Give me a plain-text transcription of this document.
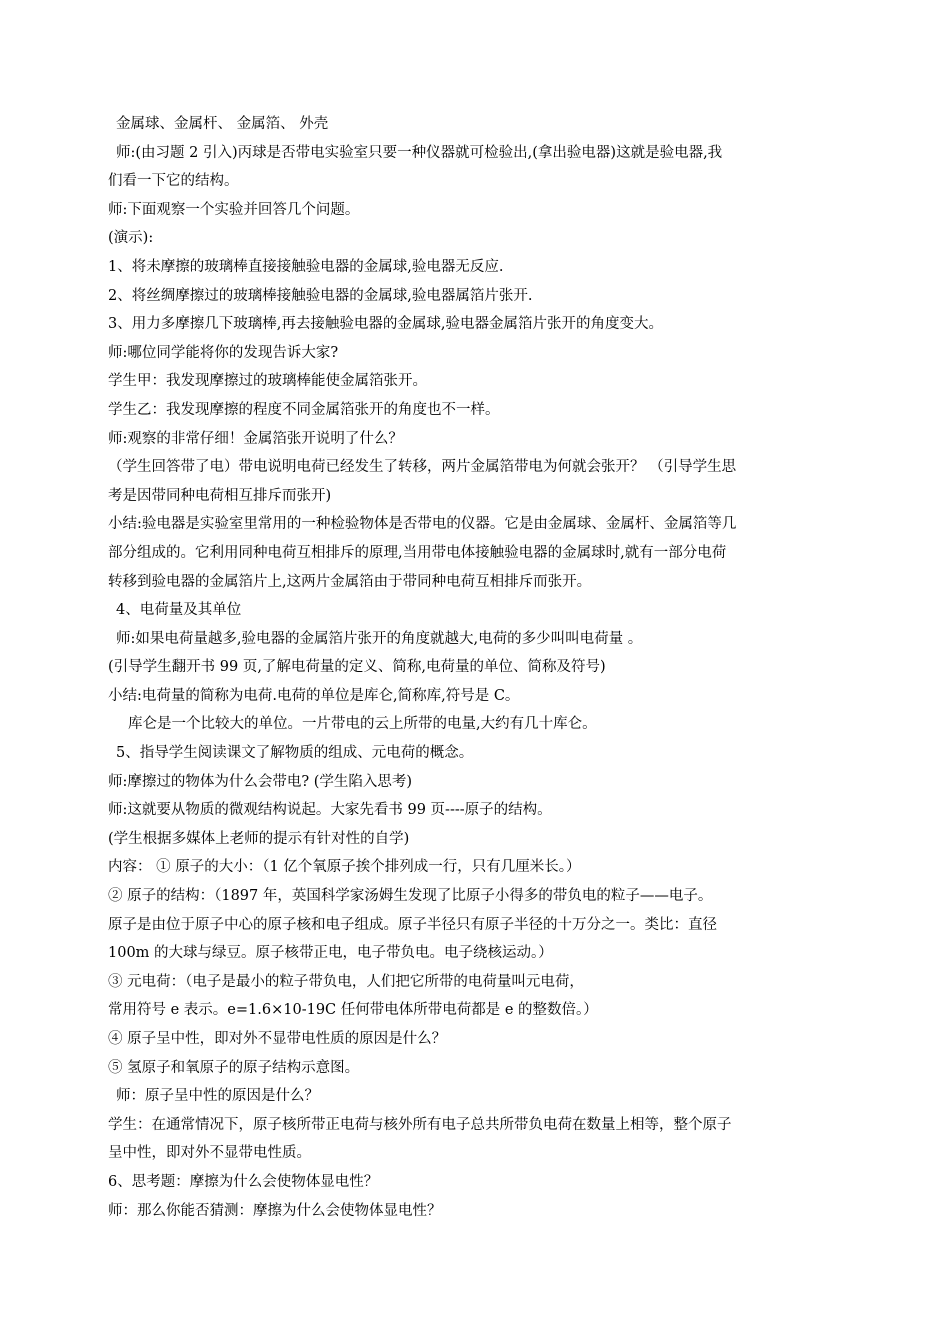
金属球、金属杆、 金属箔、 外壳
师:(由习题 2 引入)丙球是否带电实验室只要一种仪器就可检验出,(拿出验电器)这就是验电器,我
们看一下它的结构。
师:下面观察一个实验并回答几个问题。
(演示):
1、将未摩擦的玻璃棒直接接触验电器的金属球,验电器无反应.
2、将丝绸摩擦过的玻璃棒接触验电器的金属球,验电器属箔片张开.
3、用力多摩擦几下玻璃棒,再去接触验电器的金属球,验电器金属箔片张开的角度变大。
师:哪位同学能将你的发现告诉大家?
学生甲：我发现摩擦过的玻璃棒能使金属箔张开。
学生乙：我发现摩擦的程度不同金属箔张开的角度也不一样。
师:观察的非常仔细！金属箔张开说明了什么？
（学生回答带了电）带电说明电荷已经发生了转移，两片金属箔带电为何就会张开？ （引导学生思
考是因带同种电荷相互排斥而张开)
小结:验电器是实验室里常用的一种检验物体是否带电的仪器。它是由金属球、金属杆、金属箔等几
部分组成的。它利用同种电荷互相排斥的原理,当用带电体接触验电器的金属球时,就有一部分电荷
转移到验电器的金属箔片上,这两片金属箔由于带同种电荷互相排斥而张开。
4、电荷量及其单位
师:如果电荷量越多,验电器的金属箔片张开的角度就越大,电荷的多少叫叫电荷量 。
(引导学生翻开书 99 页,了解电荷量的定义、简称,电荷量的单位、简称及符号)
小结:电荷量的简称为电荷.电荷的单位是库仑,简称库,符号是 C。
库仑是一个比较大的单位。一片带电的云上所带的电量,大约有几十库仑。
5、指导学生阅读课文了解物质的组成、元电荷的概念。
师:摩擦过的物体为什么会带电? (学生陷入思考)
师:这就要从物质的微观结构说起。大家先看书 99 页----原子的结构。
(学生根据多媒体上老师的提示有针对性的自学)
内容： ① 原子的大小：（1 亿个氧原子挨个排列成一行，只有几厘米长。）
② 原子的结构：（1897 年，英国科学家汤姆生发现了比原子小得多的带负电的粒子——电子。
原子是由位于原子中心的原子核和电子组成。原子半径只有原子半径的十万分之一。类比：直径
100m 的大球与绿豆。原子核带正电，电子带负电。电子绕核运动。）
③ 元电荷：（电子是最小的粒子带负电，人们把它所带的电荷量叫元电荷，
常用符号 e 表示。e=1.6×10-19C 任何带电体所带电荷都是 e 的整数倍。）
④ 原子呈中性，即对外不显带电性质的原因是什么？
⑤ 氢原子和氧原子的原子结构示意图。
师：原子呈中性的原因是什么？
学生：在通常情况下，原子核所带正电荷与核外所有电子总共所带负电荷在数量上相等，整个原子
呈中性，即对外不显带电性质。
6、思考题：摩擦为什么会使物体显电性？
师：那么你能否猜测：摩擦为什么会使物体显电性？
